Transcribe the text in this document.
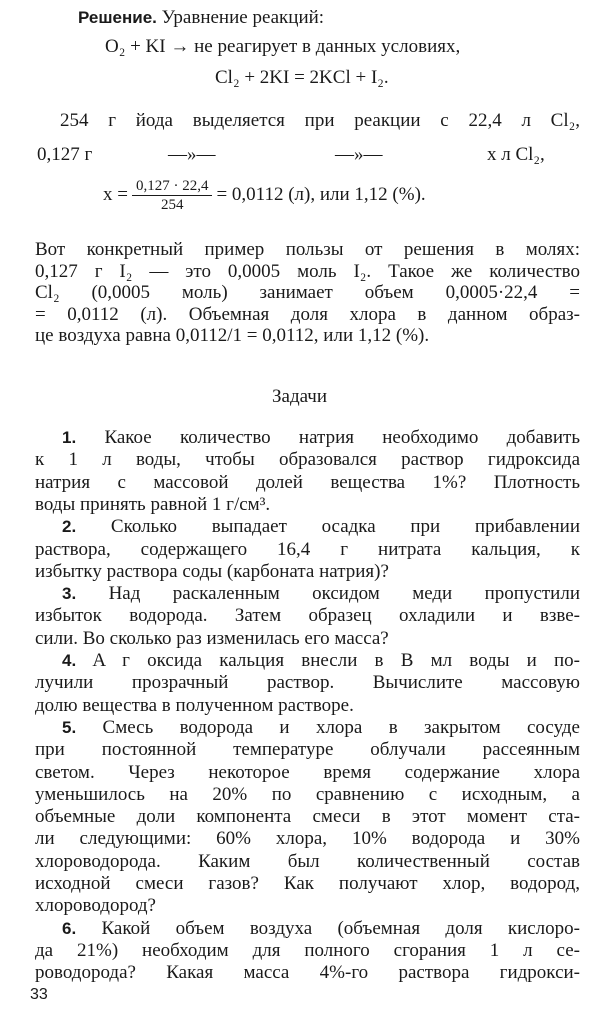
Решение. Уравнение реакций:
O₂ + KI → не реагирует в данных условиях,
Cl₂ + 2KI = 2KCl + I₂.
254 г йода выделяется при реакции с 22,4 л Cl₂,
0,127 г	—»—	—»—	x л Cl₂,
$x = \frac{0,127 \cdot 22,4}{254} = 0,0112$ (л), или 1,12 (%).
Вот конкретный пример пользы от решения в молях:
0,127 г I₂ — это 0,0005 моль I₂. Такое же количество
Cl₂ (0,0005 моль) занимает объем 0,0005·22,4 =
= 0,0112 (л). Объемная доля хлора в данном образ-
це воздуха равна 0,0112/1 = 0,0112, или 1,12 (%).
Задачи
1. Какое количество натрия необходимо добавить
к 1 л воды, чтобы образовался раствор гидроксида
натрия с массовой долей вещества 1%? Плотность
воды принять равной 1 г/см³.
2. Сколько выпадает осадка при прибавлении
раствора, содержащего 16,4 г нитрата кальция, к
избытку раствора соды (карбоната натрия)?
3. Над раскаленным оксидом меди пропустили
избыток водорода. Затем образец охладили и взве-
сили. Во сколько раз изменилась его масса?
4. A г оксида кальция внесли в B мл воды и по-
лучили прозрачный раствор. Вычислите массовую
долю вещества в полученном растворе.
5. Смесь водорода и хлора в закрытом сосуде
при постоянной температуре облучали рассеянным
светом. Через некоторое время содержание хлора
уменьшилось на 20% по сравнению с исходным, а
объемные доли компонента смеси в этот момент ста-
ли следующими: 60% хлора, 10% водорода и 30%
хлороводорода. Каким был количественный состав
исходной смеси газов? Как получают хлор, водород,
хлороводород?
6. Какой объем воздуха (объемная доля кислоро-
да 21%) необходим для полного сгорания 1 л се-
роводорода? Какая масса 4%-го раствора гидрокси-
33
